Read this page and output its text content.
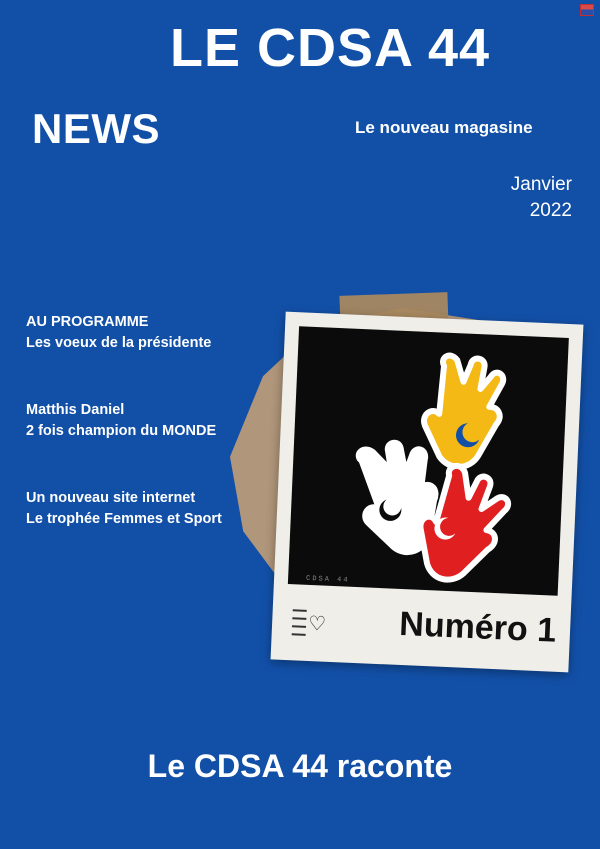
LE CDSA 44
NEWS	Le nouveau magasine
Janvier
2022
AU PROGRAMME
Les voeux de la présidente
Matthis Daniel
2 fois champion du MONDE
Un nouveau site internet
Le trophée Femmes et Sport
CDSA 44
♡ Numéro 1
Le CDSA 44 raconte
